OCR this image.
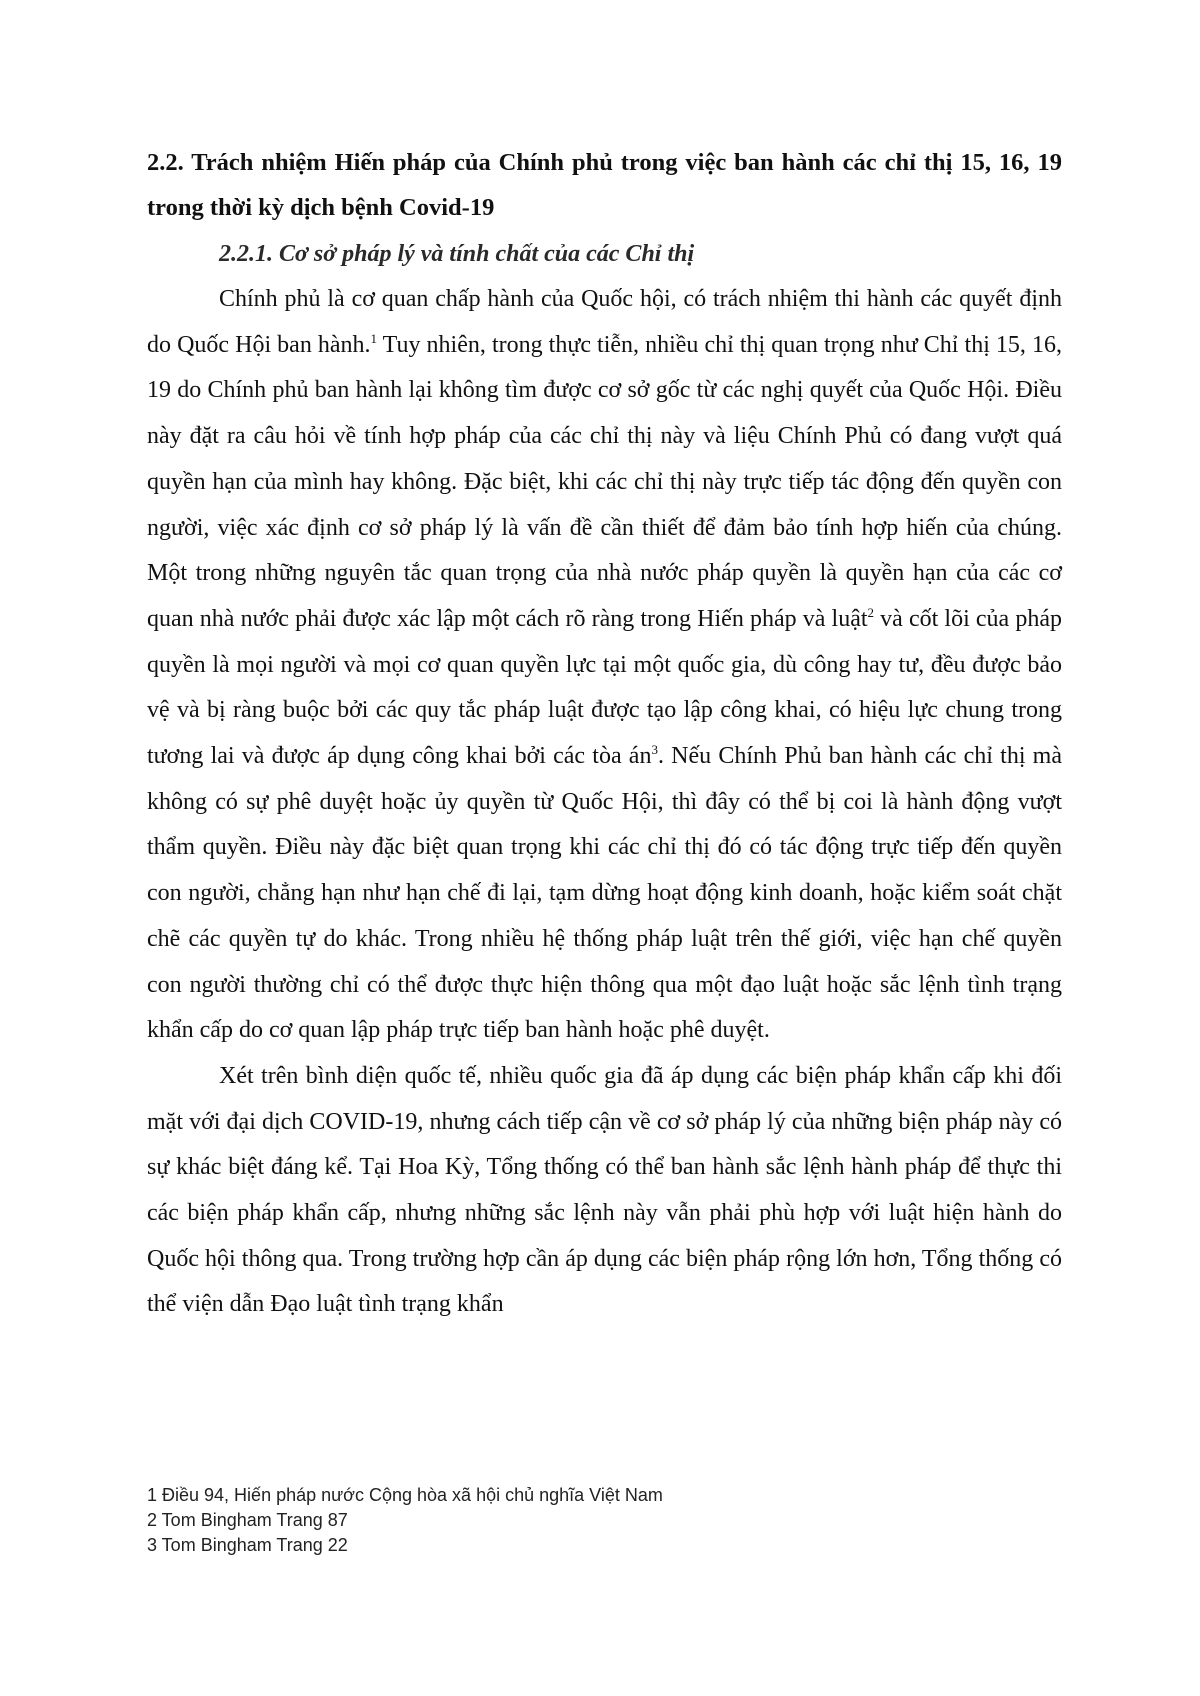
2.2. Trách nhiệm Hiến pháp của Chính phủ trong việc ban hành các chỉ thị 15, 16, 19 trong thời kỳ dịch bệnh Covid-19
2.2.1. Cơ sở pháp lý và tính chất của các Chỉ thị

Chính phủ là cơ quan chấp hành của Quốc hội, có trách nhiệm thi hành các quyết định do Quốc Hội ban hành.$^1$ Tuy nhiên, trong thực tiễn, nhiều chỉ thị quan trọng như Chỉ thị 15, 16, 19 do Chính phủ ban hành lại không tìm được cơ sở gốc từ các nghị quyết của Quốc Hội. Điều này đặt ra câu hỏi về tính hợp pháp của các chỉ thị này và liệu Chính Phủ có đang vượt quá quyền hạn của mình hay không. Đặc biệt, khi các chỉ thị này trực tiếp tác động đến quyền con người, việc xác định cơ sở pháp lý là vấn đề cần thiết để đảm bảo tính hợp hiến của chúng. Một trong những nguyên tắc quan trọng của nhà nước pháp quyền là quyền hạn của các cơ quan nhà nước phải được xác lập một cách rõ ràng trong Hiến pháp và luật$^2$ và cốt lõi của pháp quyền là mọi người và mọi cơ quan quyền lực tại một quốc gia, dù công hay tư, đều được bảo vệ và bị ràng buộc bởi các quy tắc pháp luật được tạo lập công khai, có hiệu lực chung trong tương lai và được áp dụng công khai bởi các tòa $án^3$. Nếu Chính Phủ ban hành các chỉ thị mà không có sự phê duyệt hoặc ủy quyền từ Quốc Hội, thì đây có thể bị coi là hành động vượt thẩm quyền. Điều này đặc biệt quan trọng khi các chỉ thị đó có tác động trực tiếp đến quyền con người, chẳng hạn như hạn chế đi lại, tạm dừng hoạt động kinh doanh, hoặc kiểm soát chặt chẽ các quyền tự do khác. Trong nhiều hệ thống pháp luật trên thế giới, việc hạn chế quyền con người thường chỉ có thể được thực hiện thông qua một đạo luật hoặc sắc lệnh tình trạng khẩn cấp do cơ quan lập pháp trực tiếp ban hành hoặc phê duyệt.

Xét trên bình diện quốc tế, nhiều quốc gia đã áp dụng các biện pháp khẩn cấp khi đối mặt với đại dịch COVID-19, nhưng cách tiếp cận về cơ sở pháp lý của những biện pháp này có sự khác biệt đáng kể. Tại Hoa Kỳ, Tổng thống có thể ban hành sắc lệnh hành pháp để thực thi các biện pháp khẩn cấp, nhưng những sắc lệnh này vẫn phải phù hợp với luật hiện hành do Quốc hội thông qua. Trong trường hợp cần áp dụng các biện pháp rộng lớn hơn, Tổng thống có thể viện dẫn Đạo luật tình trạng khẩn

1 Điều 94, Hiến pháp nước Cộng hòa xã hội chủ nghĩa Việt Nam

2 Tom Bingham Trang 87

3 Tom Bingham Trang 22
